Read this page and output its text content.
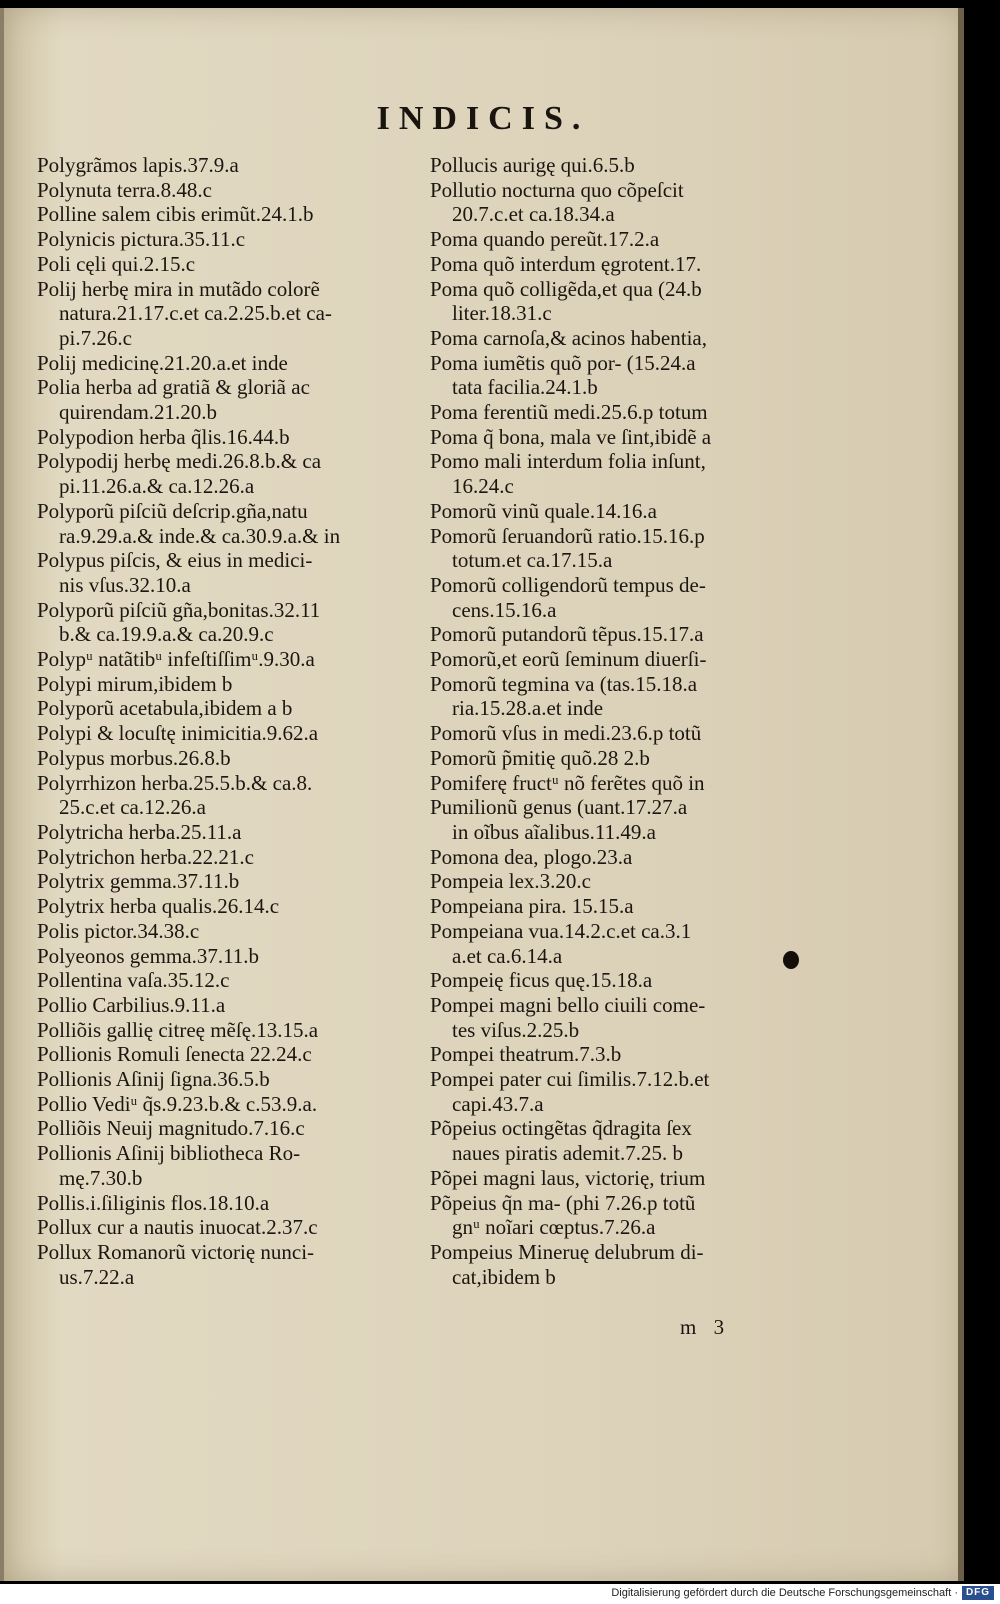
INDICIS.

Polygrãmos lapis.37.9.a

Polynuta terra.8.48.c

Polline salem cibis erimũt.24.1.b

Polynicis pictura.35.11.c

Poli cęli qui.2.15.c

Polij herbę mira in mutãdo colorẽ
natura.21.17.c.et ca.2.25.b.et ca-

pi.7.26.c

Polij medicinę.21.20.a.et inde

Polia herba ad gratiã & gloriã ac
quirendam.21.20.b

Polypodion herba q̃lis.16.44.b

Polypodij herbę medi.26.8.b.& ca
pi.11.26.a.& ca.12.26.a

Polyporũ piſciũ deſcrip.gña,natu
ra.9.29.a.& inde.& ca.30.9.a.& in

Polypus piſcis, & eius in medici-
nis vſus.32.10.a

Polyporũ piſciũ gña,bonitas.32.11
b.& ca.19.9.a.& ca.20.9.c

Polypᵘ natãtibᵘ infeſtiſſimᵘ.9.30.a

Polypi mirum,ibidem b

Polyporũ acetabula,ibidem a b

Polypi & locuſtę inimicitia.9.62.a

Polypus morbus.26.8.b

Polyrrhizon herba.25.5.b.& ca.8.
25.c.et ca.12.26.a

Polytricha herba.25.11.a

Polytrichon herba.22.21.c

Polytrix gemma.37.11.b

Polytrix herba qualis.26.14.c

Polis pictor.34.38.c

Polyeonos gemma.37.11.b

Pollentina vaſa.35.12.c

Pollio Carbilius.9.11.a

Polliõis gallię citreę mẽſę.13.15.a

Pollionis Romuli ſenecta 22.24.c

Pollionis Aſinij ſigna.36.5.b

Pollio Vediᵘ q̃s.9.23.b.& c.53.9.a.

Polliõis Neuij magnitudo.7.16.c

Pollionis Aſinij bibliotheca Ro-
mę.7.30.b

Pollis.i.ſiliginis flos.18.10.a

Pollux cur a nautis inuocat.2.37.c

Pollux Romanorũ victorię nunci-
us.7.22.a

Pollucis aurigę qui.6.5.b

Pollutio nocturna quo cõpeſcit
20.7.c.et ca.18.34.a

Poma quando pereũt.17.2.a

Poma quõ interdum ęgrotent.17.

Poma quõ colligẽda,et qua (24.b
liter.18.31.c

Poma carnoſa,& acinos habentia,

Poma iumẽtis quõ por- (15.24.a
tata facilia.24.1.b

Poma ferentiũ medi.25.6.p totum

Poma q̃ bona, mala ve ſint,ibidẽ a

Pomo mali interdum folia inſunt,
16.24.c

Pomorũ vinũ quale.14.16.a

Pomorũ ſeruandorũ ratio.15.16.p
totum.et ca.17.15.a

Pomorũ colligendorũ tempus de-
cens.15.16.a

Pomorũ putandorũ tẽpus.15.17.a

Pomorũ,et eorũ ſeminum diuerſi-

Pomorũ tegmina va (tas.15.18.a
ria.15.28.a.et inde

Pomorũ vſus in medi.23.6.p totũ

Pomorũ p̃mitię quõ.28 2.b

Pomiferę fructᵘ nõ ferẽtes quõ in

Pumilionũ genus (uant.17.27.a
in oĩbus aĩalibus.11.49.a

Pomona dea, plogo.23.a

Pompeia lex.3.20.c

Pompeiana pira. 15.15.a

Pompeiana vua.14.2.c.et ca.3.1
a.et ca.6.14.a

Pompeię ficus quę.15.18.a

Pompei magni bello ciuili come-
tes viſus.2.25.b

Pompei theatrum.7.3.b

Pompei pater cui ſimilis.7.12.b.et
capi.43.7.a

Põpeius octingẽtas q̃dragita ſex
naues piratis ademit.7.25. b

Põpei magni laus, victorię, trium

Põpeius q̃n ma- (phi 7.26.p totũ
gnᵘ noĩari cœptus.7.26.a

Pompeius Mineruę delubrum di-
cat,ibidem b

m 3
Digitalisierung gefördert durch die Deutsche Forschungsgemeinschaft · DFG
